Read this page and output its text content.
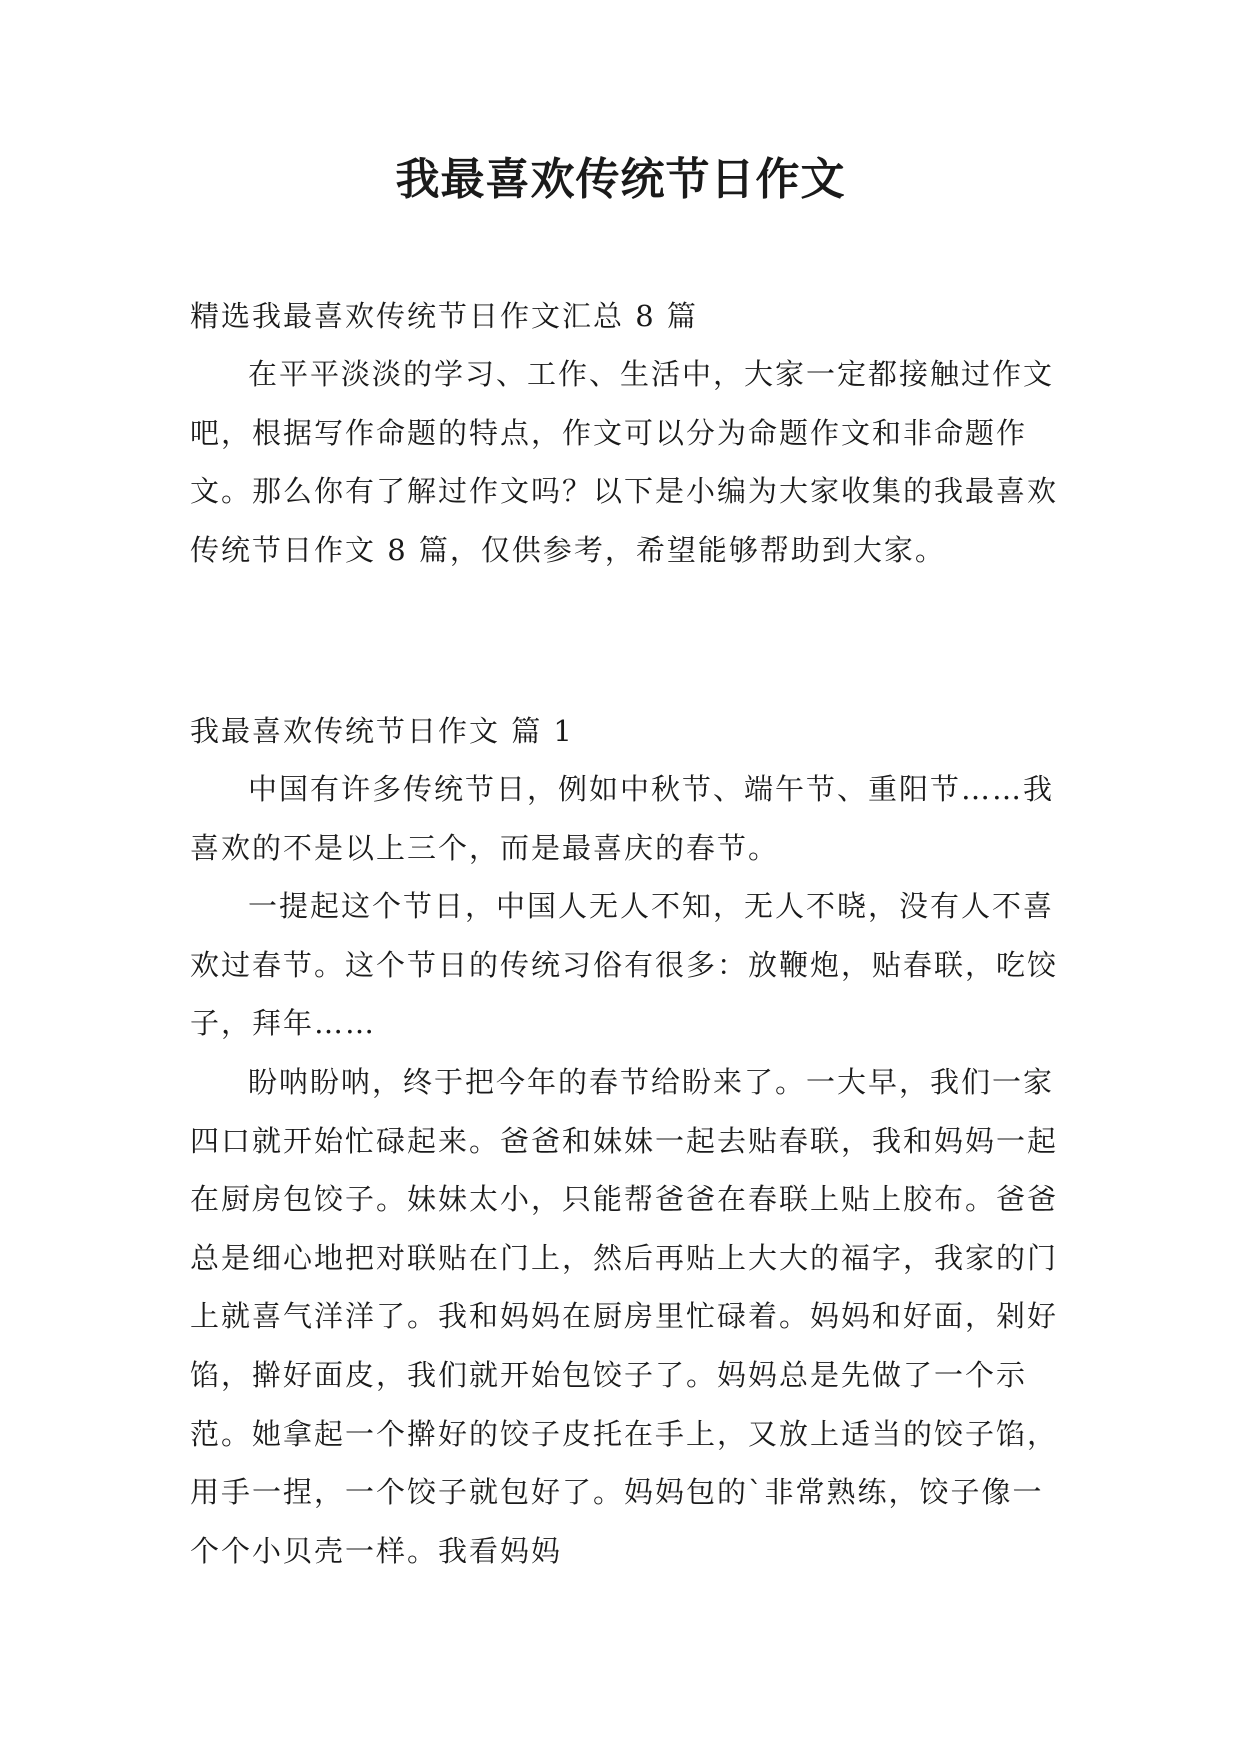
我最喜欢传统节日作文
精选我最喜欢传统节日作文汇总 8 篇

在平平淡淡的学习、工作、生活中，大家一定都接触过作文吧，根据写作命题的特点，作文可以分为命题作文和非命题作文。那么你有了解过作文吗？以下是小编为大家收集的我最喜欢传统节日作文 8 篇，仅供参考，希望能够帮助到大家。

我最喜欢传统节日作文 篇 1

中国有许多传统节日，例如中秋节、端午节、重阳节……我喜欢的不是以上三个，而是最喜庆的春节。

一提起这个节日，中国人无人不知，无人不晓，没有人不喜欢过春节。这个节日的传统习俗有很多：放鞭炮，贴春联，吃饺子，拜年……

盼呐盼呐，终于把今年的春节给盼来了。一大早，我们一家四口就开始忙碌起来。爸爸和妹妹一起去贴春联，我和妈妈一起在厨房包饺子。妹妹太小，只能帮爸爸在春联上贴上胶布。爸爸总是细心地把对联贴在门上，然后再贴上大大的福字，我家的门上就喜气洋洋了。我和妈妈在厨房里忙碌着。妈妈和好面，剁好馅，擀好面皮，我们就开始包饺子了。妈妈总是先做了一个示范。她拿起一个擀好的饺子皮托在手上，又放上适当的饺子馅，用手一捏，一个饺子就包好了。妈妈包的`非常熟练，饺子像一个个小贝壳一样。我看妈妈
